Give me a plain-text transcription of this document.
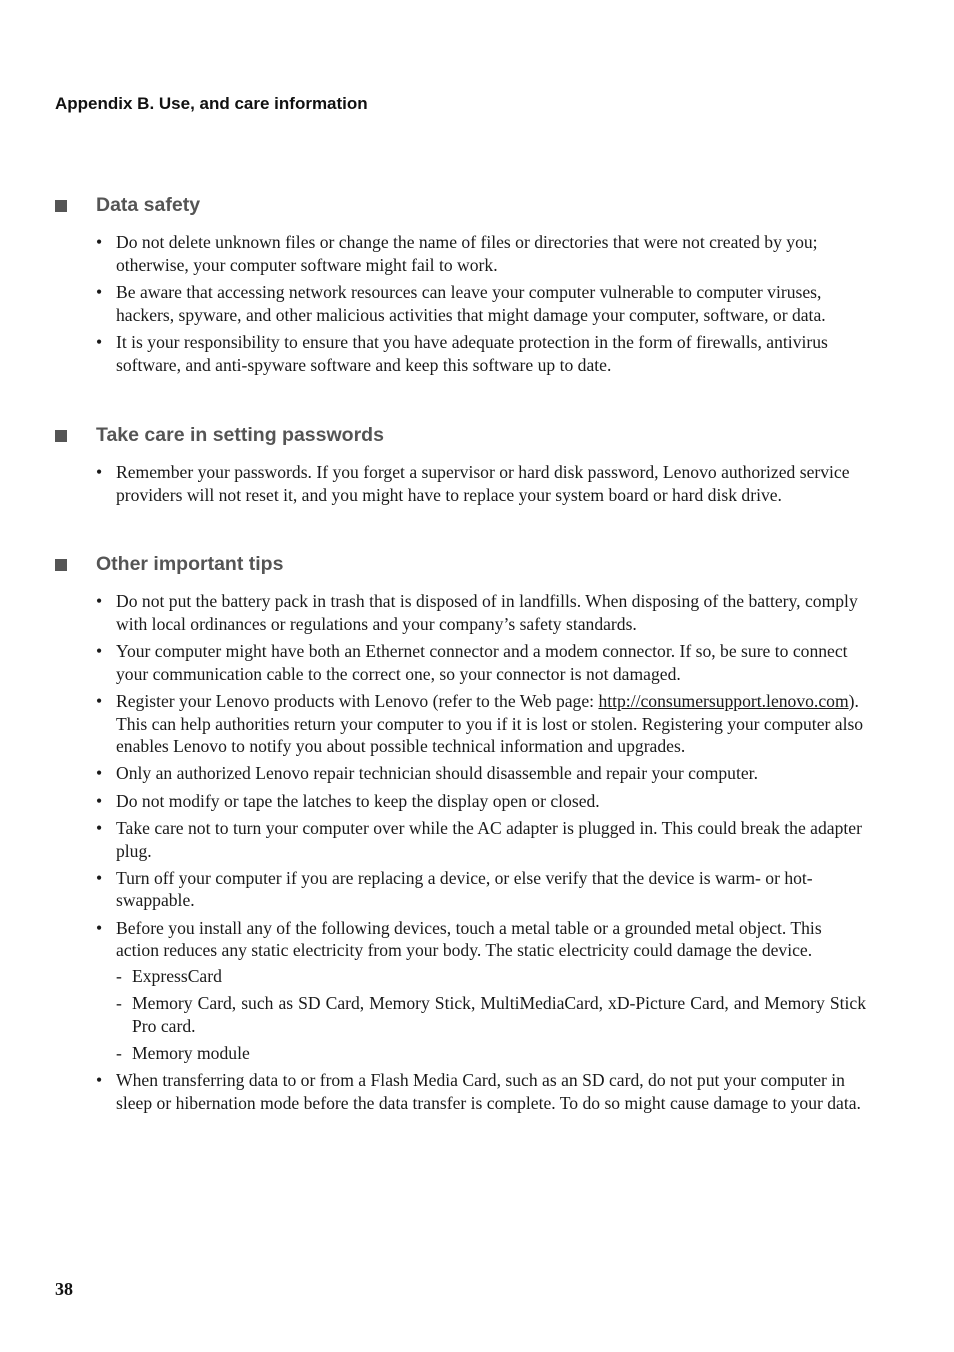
Appendix B. Use, and care information
Data safety
• Do not delete unknown files or change the name of files or directories that were not created by you; otherwise, your computer software might fail to work.
• Be aware that accessing network resources can leave your computer vulnerable to computer viruses, hackers, spyware, and other malicious activities that might damage your computer, software, or data.
• It is your responsibility to ensure that you have adequate protection in the form of firewalls, antivirus software, and anti-spyware software and keep this software up to date.
Take care in setting passwords
• Remember your passwords. If you forget a supervisor or hard disk password, Lenovo authorized service providers will not reset it, and you might have to replace your system board or hard disk drive.
Other important tips
• Do not put the battery pack in trash that is disposed of in landfills. When disposing of the battery, comply with local ordinances or regulations and your company’s safety standards.
• Your computer might have both an Ethernet connector and a modem connector. If so, be sure to connect your communication cable to the correct one, so your connector is not damaged.
• Register your Lenovo products with Lenovo (refer to the Web page: http://consumersupport.lenovo.com). This can help authorities return your computer to you if it is lost or stolen. Registering your computer also enables Lenovo to notify you about possible technical information and upgrades.
• Only an authorized Lenovo repair technician should disassemble and repair your computer.
• Do not modify or tape the latches to keep the display open or closed.
• Take care not to turn your computer over while the AC adapter is plugged in. This could break the adapter plug.
• Turn off your computer if you are replacing a device, or else verify that the device is warm- or hot-swappable.
• Before you install any of the following devices, touch a metal table or a grounded metal object. This action reduces any static electricity from your body. The static electricity could damage the device.
- ExpressCard
- Memory Card, such as SD Card, Memory Stick, MultiMediaCard, xD-Picture Card, and Memory Stick Pro card.
- Memory module
• When transferring data to or from a Flash Media Card, such as an SD card, do not put your computer in sleep or hibernation mode before the data transfer is complete. To do so might cause damage to your data.
38
